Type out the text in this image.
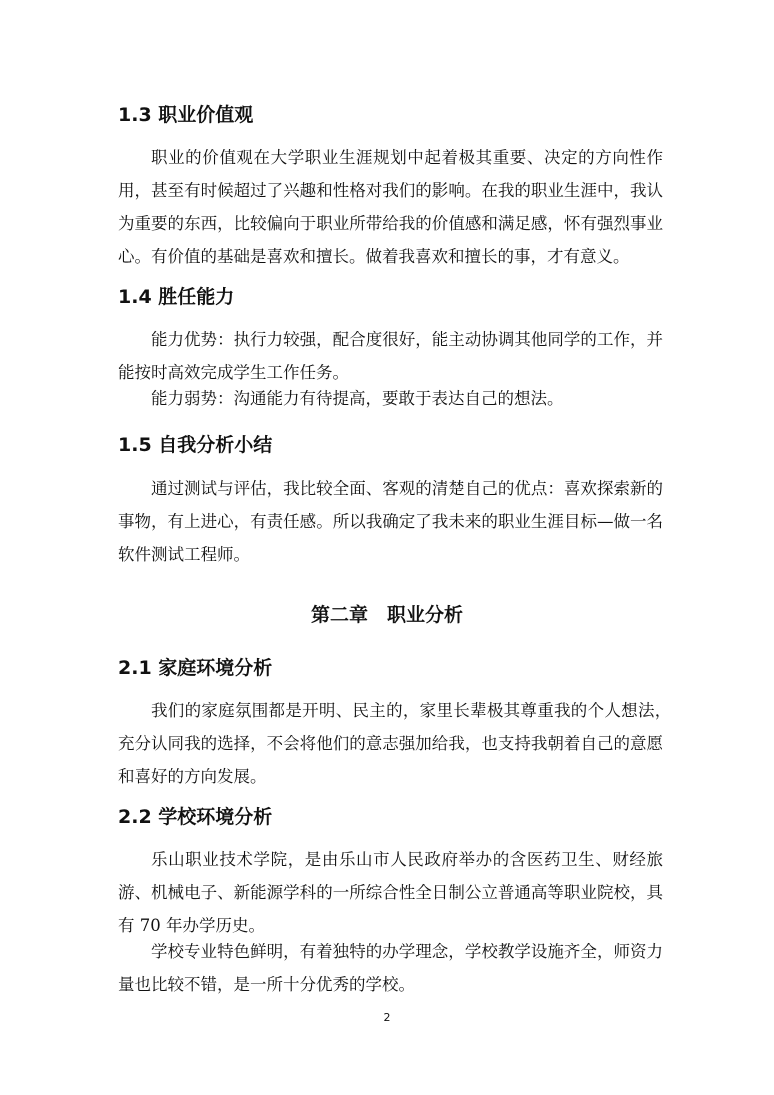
1.3 职业价值观

职业的价值观在大学职业生涯规划中起着极其重要、决定的方向性作用，甚至有时候超过了兴趣和性格对我们的影响。在我的职业生涯中，我认为重要的东西，比较偏向于职业所带给我的价值感和满足感，怀有强烈事业心。有价值的基础是喜欢和擅长。做着我喜欢和擅长的事，才有意义。

1.4 胜任能力

能力优势：执行力较强，配合度很好，能主动协调其他同学的工作，并能按时高效完成学生工作任务。

能力弱势：沟通能力有待提高，要敢于表达自己的想法。

1.5 自我分析小结

通过测试与评估，我比较全面、客观的清楚自己的优点：喜欢探索新的事物，有上进心，有责任感。所以我确定了我未来的职业生涯目标—做一名软件测试工程师。

第二章　职业分析
2.1 家庭环境分析

我们的家庭氛围都是开明、民主的，家里长辈极其尊重我的个人想法，　充分认同我的选择，不会将他们的意志强加给我，也支持我朝着自己的意愿和喜好的方向发展。

2.2 学校环境分析

乐山职业技术学院，是由乐山市人民政府举办的含医药卫生、财经旅游、机械电子、新能源学科的一所综合性全日制公立普通高等职业院校，具有 70 年办学历史。

学校专业特色鲜明，有着独特的办学理念，学校教学设施齐全，师资力量也比较不错，是一所十分优秀的学校。

2
